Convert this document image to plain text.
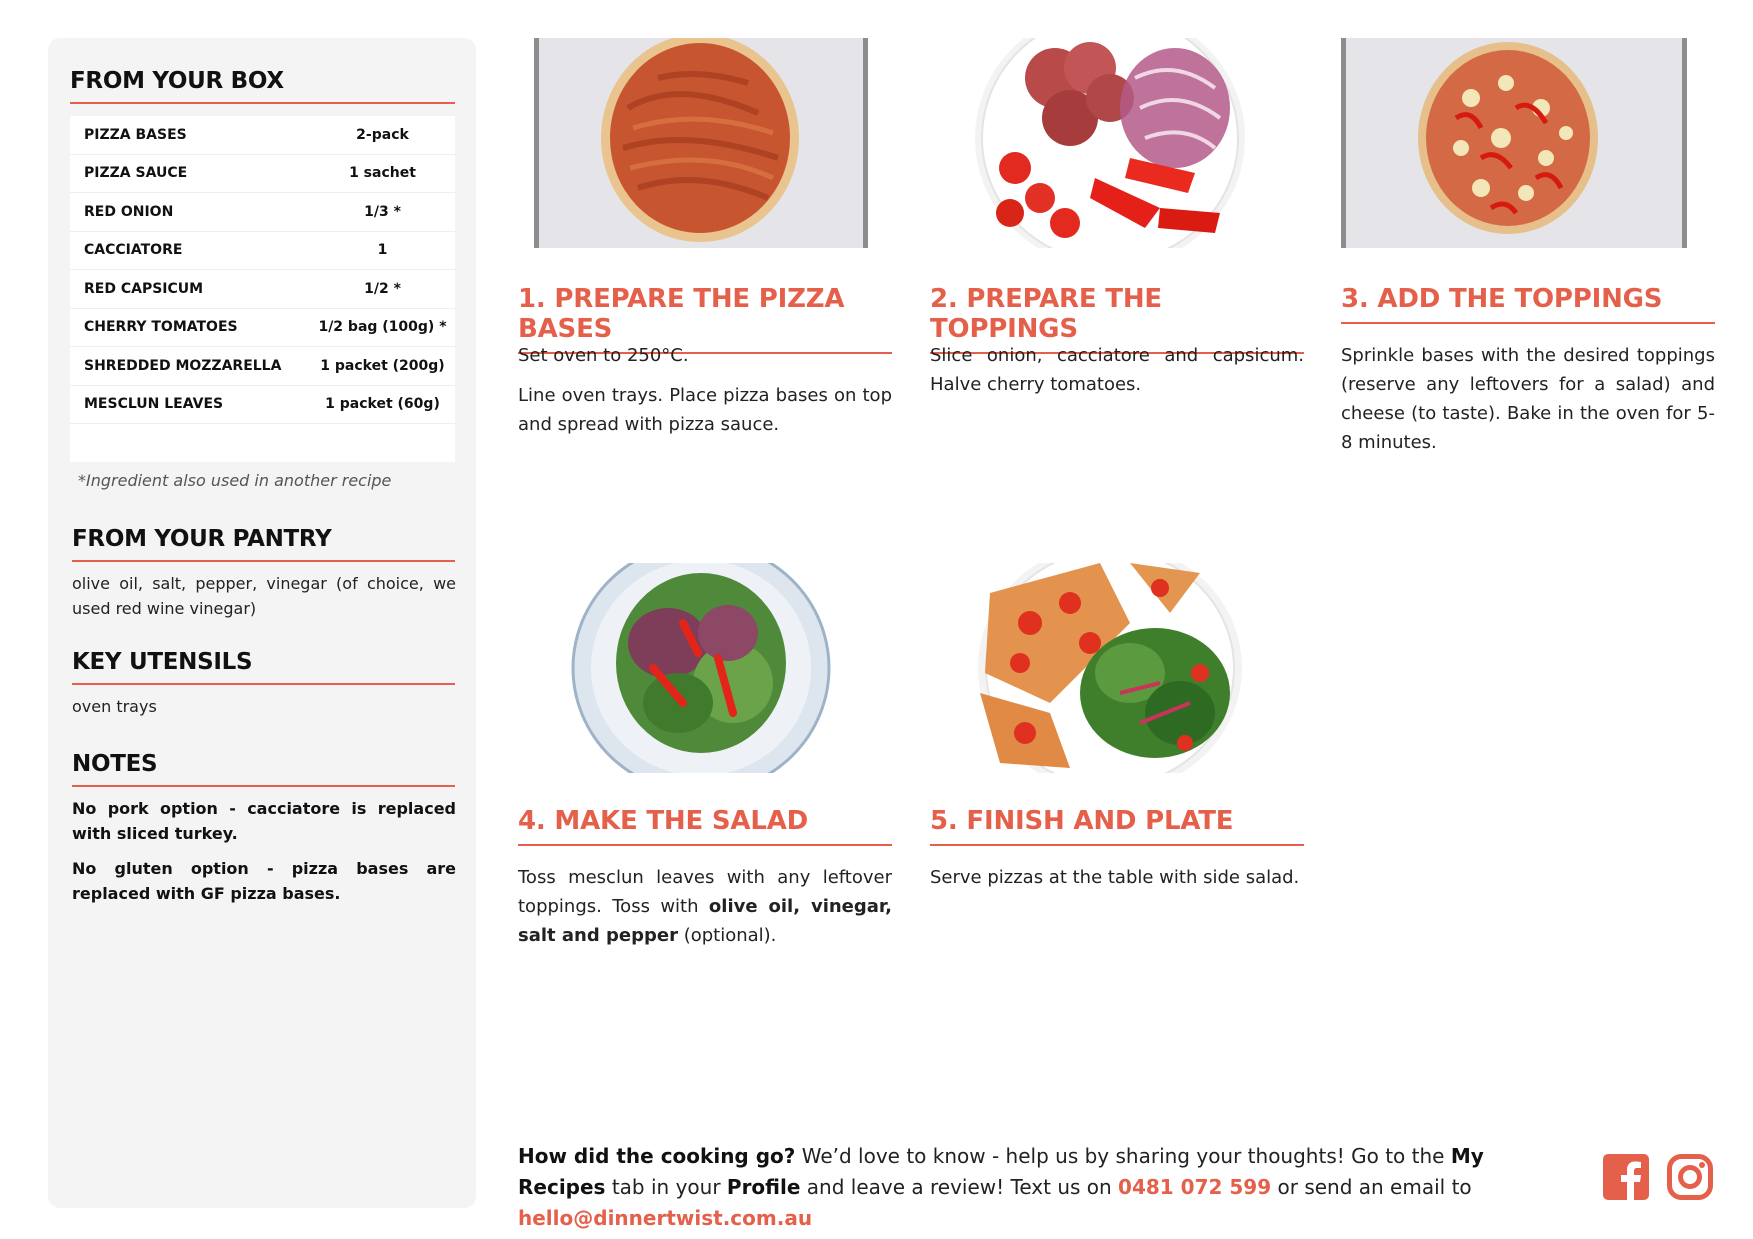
FROM YOUR BOX
PIZZA BASES	2-pack
PIZZA SAUCE	1 sachet
RED ONION	1/3 *
CACCIATORE	1
RED CAPSICUM	1/2 *
CHERRY TOMATOES	1/2 bag (100g) *
SHREDDED MOZZARELLA	1 packet (200g)
MESCLUN LEAVES	1 packet (60g)
*Ingredient also used in another recipe
FROM YOUR PANTRY
olive oil, salt, pepper, vinegar (of choice, we used red wine vinegar)
KEY UTENSILS
oven trays
NOTES
No pork option - cacciatore is replaced with sliced turkey.
No gluten option - pizza bases are replaced with GF pizza bases.
1. PREPARE THE PIZZA BASES
Set oven to 250°C.
Line oven trays. Place pizza bases on top and spread with pizza sauce.
2. PREPARE THE TOPPINGS
Slice onion, cacciatore and capsicum. Halve cherry tomatoes.
3. ADD THE TOPPINGS
Sprinkle bases with the desired toppings (reserve any leftovers for a salad) and cheese (to taste). Bake in the oven for 5-8 minutes.
4. MAKE THE SALAD
Toss mesclun leaves with any leftover toppings. Toss with olive oil, vinegar, salt and pepper (optional).
5. FINISH AND PLATE
Serve pizzas at the table with side salad.
How did the cooking go? We’d love to know - help us by sharing your thoughts! Go to the My Recipes tab in your Profile and leave a review! Text us on 0481 072 599 or send an email to hello@dinnertwist.com.au
